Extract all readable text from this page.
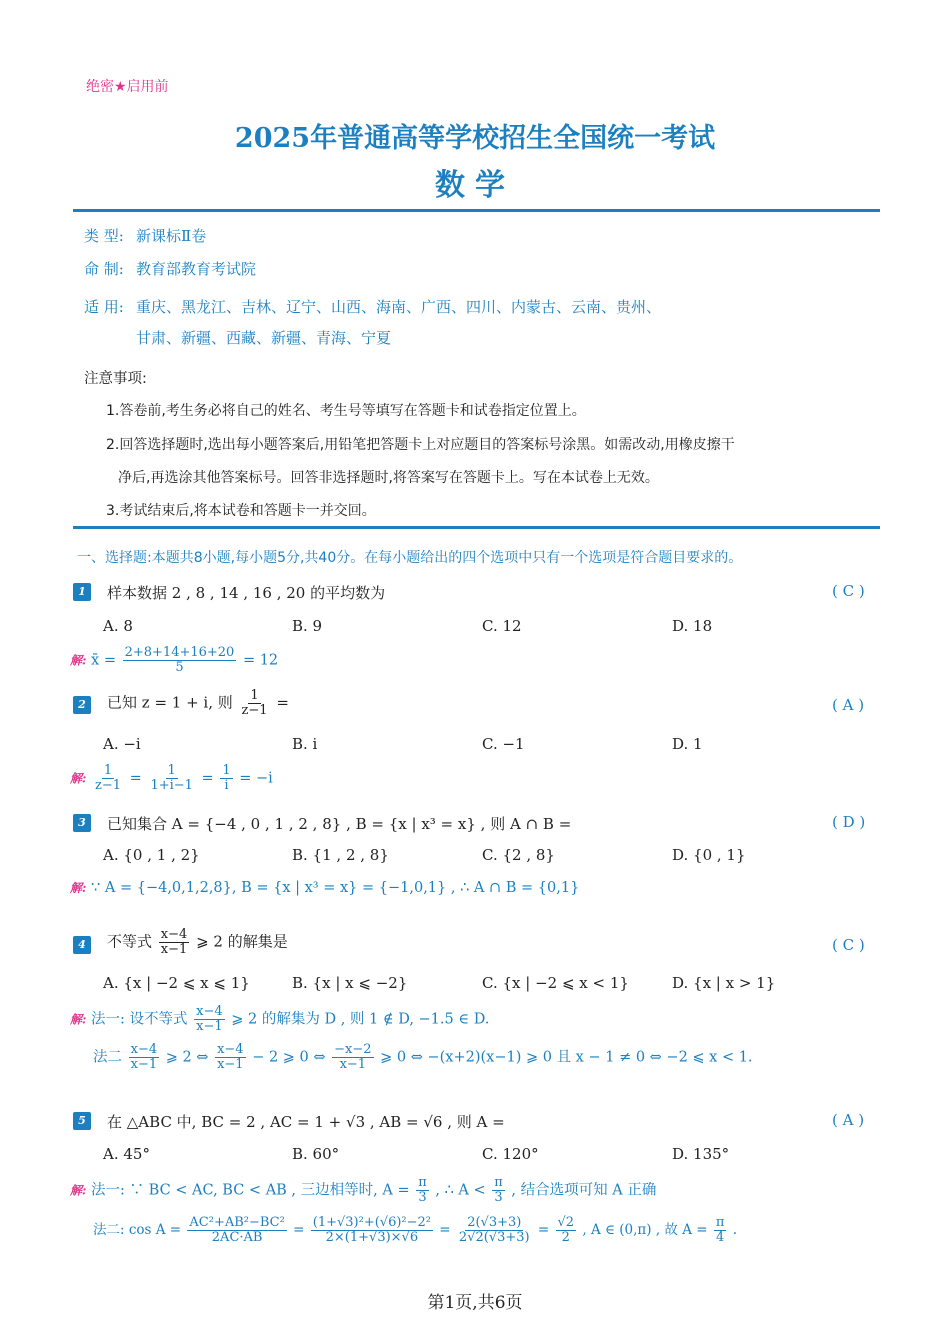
绝密★启用前
2025年普通高等学校招生全国统一考试
数学
类 型: 新课标Ⅱ卷
命 制: 教育部教育考试院
适 用: 重庆、黑龙江、吉林、辽宁、山西、海南、广西、四川、内蒙古、云南、贵州、
甘肃、新疆、西藏、新疆、青海、宁夏
注意事项:
1.答卷前,考生务必将自己的姓名、考生号等填写在答题卡和试卷指定位置上。
2.回答选择题时,选出每小题答案后,用铅笔把答题卡上对应题目的答案标号涂黑。如需改动,用橡皮擦干
净后,再选涂其他答案标号。回答非选择题时,将答案写在答题卡上。写在本试卷上无效。
3.考试结束后,将本试卷和答题卡一并交回。
一、选择题:本题共8小题,每小题5分,共40分。在每小题给出的四个选项中只有一个选项是符合题目要求的。
1	样本数据 2 , 8 , 14 , 16 , 20 的平均数为	( C )
A. 8	B. 9	C. 12	D. 18
解: x̄ = $\frac{2+8+14+16+20}{5} = 12$
2	已知 z = 1 + i, 则 $\frac{1}{z-1}$ =	( A )
A. −i	B. i	C. −1	D. 1
解: $\frac{1}{z-1} = \frac{1}{1+i-1} = \frac{1}{i} = -i$
3	已知集合 A = {−4 , 0 , 1 , 2 , 8} , B = {x | x³ = x} , 则 A ∩ B =	( D )
A. {0 , 1 , 2}	B. {1 , 2 , 8}	C. {2 , 8}	D. {0 , 1}
解: ∵ A = {−4,0,1,2,8}, B = {x | x³ = x} = {−1,0,1} , ∴ A ∩ B = {0,1}
4	不等式 $\frac{x-4}{x-1}$ ⩾ 2 的解集是	( C )
A. {x | −2 ⩽ x ⩽ 1}	B. {x | x ⩽ −2}	C. {x | −2 ⩽ x < 1}	D. {x | x > 1}
解: 法一: 设不等式 $\frac{x-4}{x-1}$ ⩾ 2 的解集为 D , 则 1 ∉ D, −1.5 ∈ D.
法二 $\frac{x-4}{x-1}$ ⩾ 2 ⇔ $\frac{x-4}{x-1} - 2$ ⩾ 0 ⇔ $\frac{-x-2}{x-1}$ ⩾ 0 ⇔ −(x+2)(x−1) ⩾ 0 且 x − 1 ≠ 0 ⇔ −2 ⩽ x < 1.
5	在 △ABC 中, BC = 2 , AC = 1 + √3 , AB = √6 , 则 A =	( A )
A. 45°	B. 60°	C. 120°	D. 135°
解: 法一: ∵ BC < AC, BC < AB , 三边相等时, $A = \frac{\pi}{3}$ , ∴ $A < \frac{\pi}{3}$ , 结合选项可知 A 正确
法二: $\cos A = \frac{\text{AC²+AB²−BC²}}{2AC\cdot AB} = \frac{\text{(1+√3)²+(√6)²−2²}}{2\times(1+√3)\times√6} = \frac{2(√3+3)}{2√2(√3+3)} = \frac{√2}{2}$ , A ∈ (0,π) , 故 $A = \frac{\pi}{4}$ .
第1页,共6页
